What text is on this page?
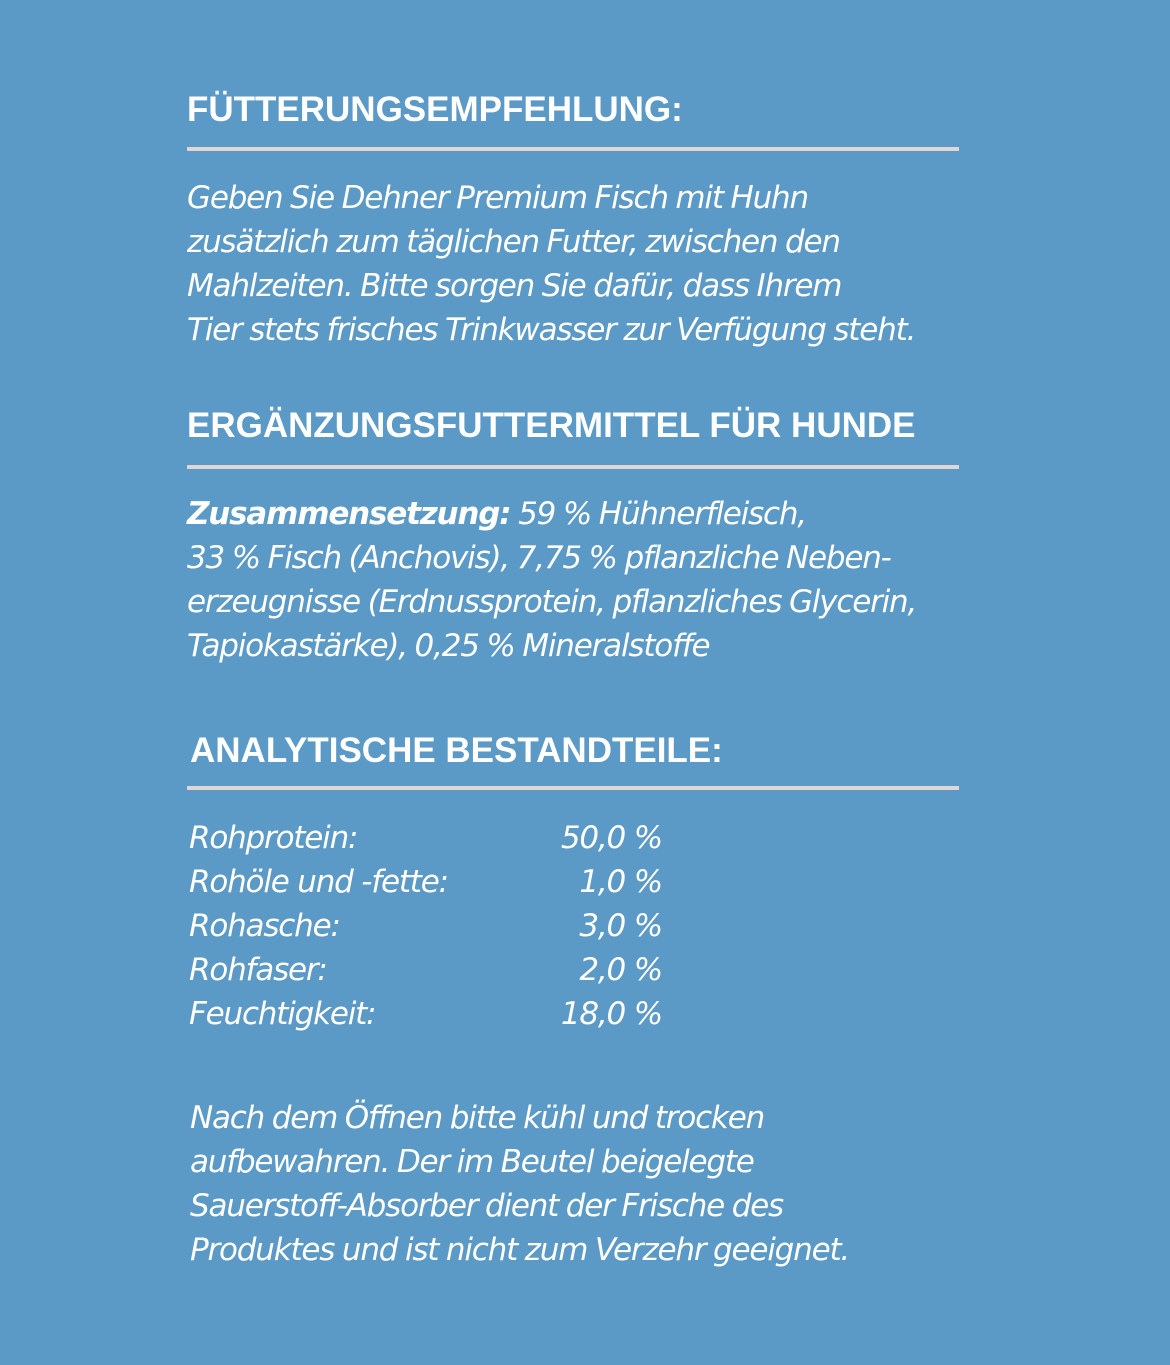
FÜTTERUNGSEMPFEHLUNG:
Geben Sie Dehner Premium Fisch mit Huhn
zusätzlich zum täglichen Futter, zwischen den
Mahlzeiten. Bitte sorgen Sie dafür, dass Ihrem
Tier stets frisches Trinkwasser zur Verfügung steht.
ERGÄNZUNGSFUTTERMITTEL FÜR HUNDE
Zusammensetzung: 59 % Hühnerfleisch,
33 % Fisch (Anchovis), 7,75 % pflanzliche Neben-
erzeugnisse (Erdnussprotein, pflanzliches Glycerin,
Tapiokastärke), 0,25 % Mineralstoffe
ANALYTISCHE BESTANDTEILE:
Rohprotein:	50,0 %
Rohöle und -fette:	1,0 %
Rohasche:	3,0 %
Rohfaser:	2,0 %
Feuchtigkeit:	18,0 %
Nach dem Öffnen bitte kühl und trocken
aufbewahren. Der im Beutel beigelegte
Sauerstoff-Absorber dient der Frische des
Produktes und ist nicht zum Verzehr geeignet.
